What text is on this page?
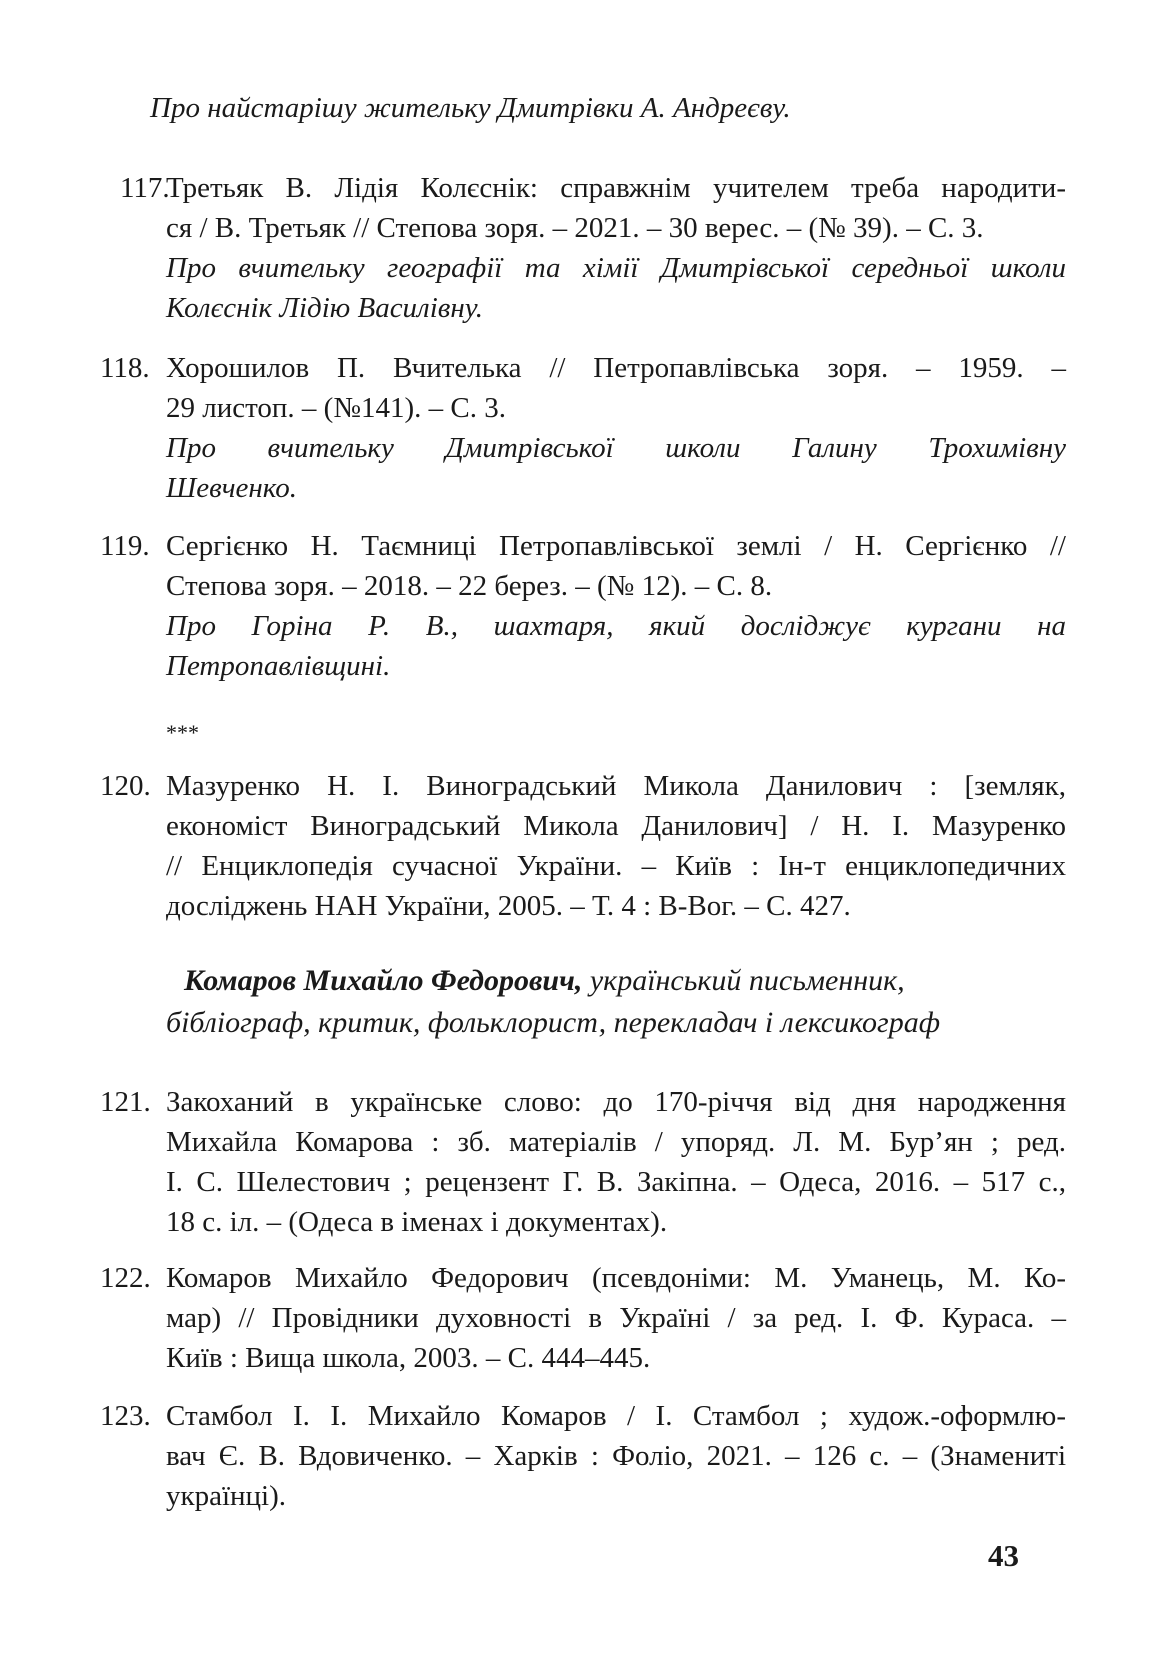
Про найстарішу жительку Дмитрівки А. Андреєву.
117.
Третьяк В. Лідія Колєснік: справжнім учителем треба народити-
ся / В. Третьяк // Степова зоря. – 2021. – 30 верес. – (№ 39). – С. 3.
Про вчительку географії та хімії Дмитрівської середньої школи
Колєснік Лідію Василівну.
118. Хорошилов П. Вчителька // Петропавлівська зоря. – 1959. –
29 листоп. – (№141). – С. 3.
Про вчительку Дмитрівської школи Галину Трохимівну
Шевченко.
119. Сергієнко Н. Таємниці Петропавлівської землі / Н. Сергієнко //
Степова зоря. – 2018. – 22 берез. – (№ 12). – С. 8.
Про Горіна Р. В., шахтаря, який досліджує кургани на
Петропавлівщині.
***
120. Мазуренко Н. І. Виноградський Микола Данилович : [земляк,
економіст Виноградський Микола Данилович] / Н. І. Мазуренко
// Енциклопедія сучасної України. – Київ : Ін-т енциклопедичних
досліджень НАН України, 2005. – Т. 4 : В-Вог. – С. 427.
Комаров Михайло Федорович, український письменник,
бібліограф, критик, фольклорист, перекладач і лексикограф
121. Закоханий в українське слово: до 170-річчя від дня народження
Михайла Комарова : зб. матеріалів / упоряд. Л. М. Бур’ян ; ред.
І. С. Шелестович ; рецензент Г. В. Закіпна. – Одеса, 2016. – 517 с.,
18 с. іл. – (Одеса в іменах і документах).
122. Комаров Михайло Федорович (псевдоніми: М. Уманець, М. Ко-
мар) // Провідники духовності в Україні / за ред. І. Ф. Кураса. –
Київ : Вища школа, 2003. – С. 444–445.
123. Стамбол І. І. Михайло Комаров / І. Стамбол ; худож.-оформлю-
вач Є. В. Вдовиченко. – Харків : Фоліо, 2021. – 126 с. – (Знамениті
українці).
43
